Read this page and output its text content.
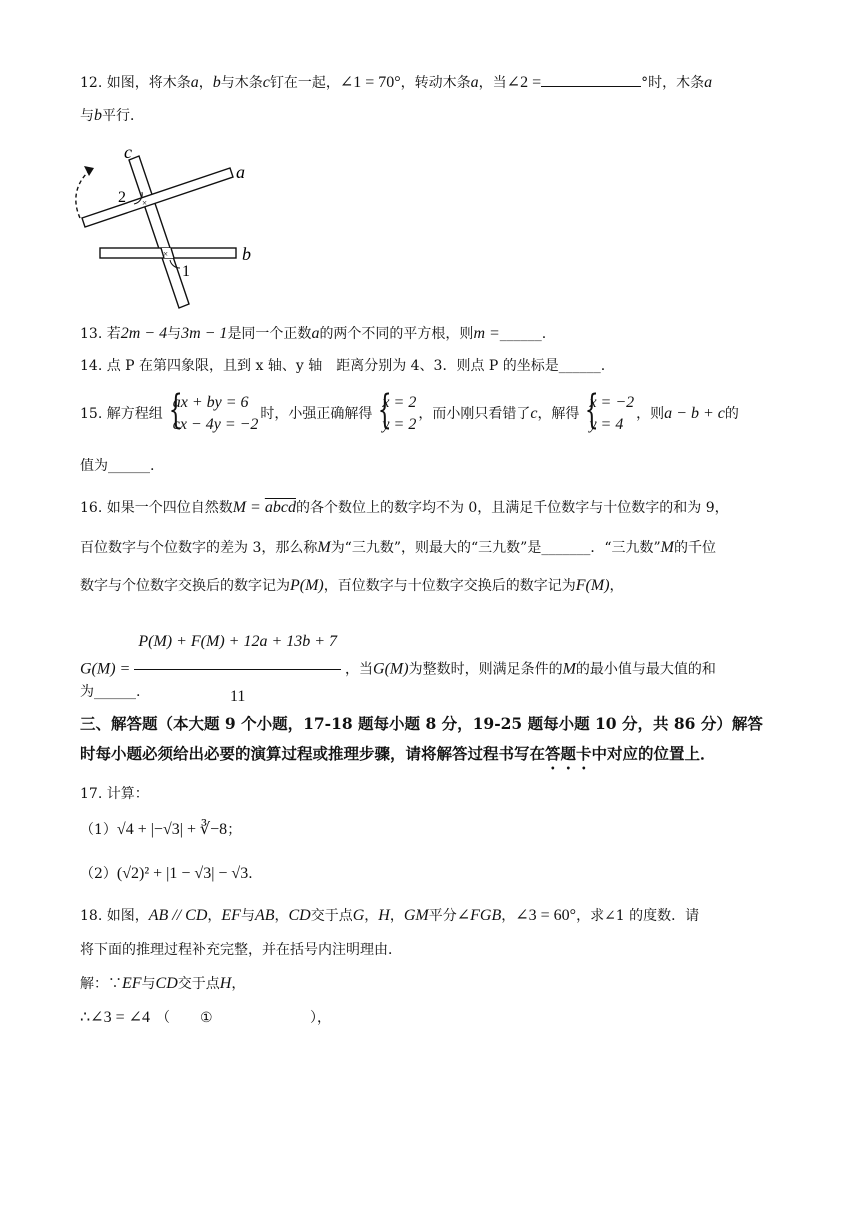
12. 如图，将木条a，b与木条c钉在一起，∠1 = 70°，转动木条a，当∠2 =	°时，木条a
与b平行．
×
×
c
a
b
2
1
13. 若2m − 4与3m − 1是同一个正数a的两个不同的平方根，则m =______.
14. 点 P 在第四象限，且到 x 轴、y 轴　距离分别为 4、3．则点 P 的坐标是______.
15. 解方程组 {
ax + by = 6
cx − 4y = −2
时，小强正确解得 {
x = 2
y = 2
，而小刚只看错了c，解得 {
x = −2
y = 4
，则a − b + c的
值为______.
16. 如果一个四位自然数M = abcd的各个数位上的数字均不为 0，且满足千位数字与十位数字的和为 9，
百位数字与个位数字的差为 3，那么称M为“三九数”，则最大的“三九数”是_______．“三九数”M的千位
数字与个位数字交换后的数字记为P(M)，百位数字与十位数字交换后的数字记为F(M)，
$G(M) = \frac{P(M) + F(M) + 12a + 13b + 7}{11}$ ，当G(M)为整数时，则满足条件的M的最小值与最大值的和
为______.
三、解答题（本大题 9 个小题，17-18 题每小题 8 分，19-25 题每小题 10 分，共 86 分）解答
时每小题必须给出必要的演算过程或推理步骤，请将解答过程书写在答题卡中对应的位置上．
17. 计算：
（1）√4 + |−√3| + ∛−8；
（2）(√2)² + |1 − √3| − √3．
18. 如图，AB // CD，EF与AB，CD交于点G，H，GM平分∠FGB，∠3 = 60°，求∠1 的度数．请
将下面的推理过程补充完整，并在括号内注明理由．
解：∵EF与CD交于点H，
∴∠3 = ∠4 （ ①	），
